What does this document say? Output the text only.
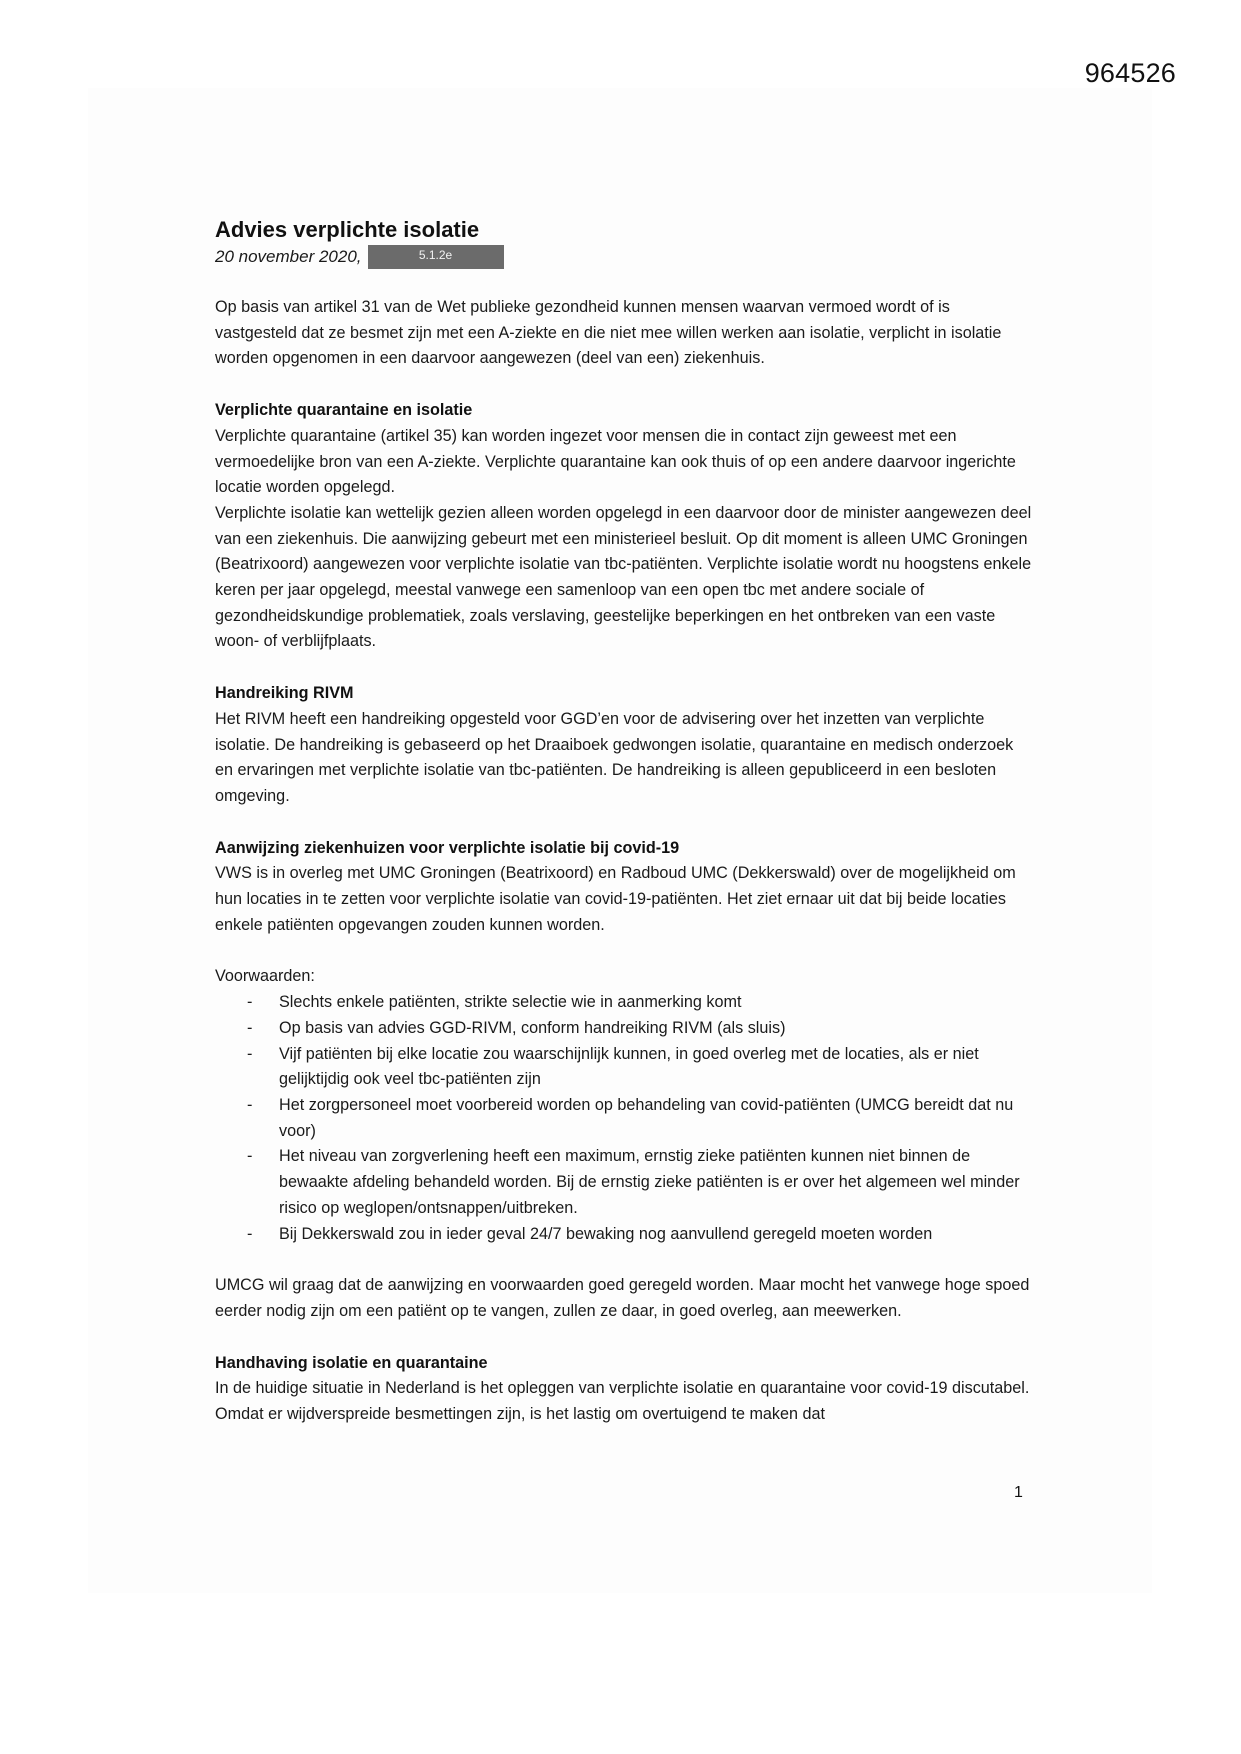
964526
Advies verplichte isolatie
20 november 2020,	5.1.2e

Op basis van artikel 31 van de Wet publieke gezondheid kunnen mensen waarvan vermoed wordt of is vastgesteld dat ze besmet zijn met een A-ziekte en die niet mee willen werken aan isolatie, verplicht in isolatie worden opgenomen in een daarvoor aangewezen (deel van een) ziekenhuis.

Verplichte quarantaine en isolatie

Verplichte quarantaine (artikel 35) kan worden ingezet voor mensen die in contact zijn geweest met een vermoedelijke bron van een A-ziekte. Verplichte quarantaine kan ook thuis of op een andere daarvoor ingerichte locatie worden opgelegd.

Verplichte isolatie kan wettelijk gezien alleen worden opgelegd in een daarvoor door de minister aangewezen deel van een ziekenhuis. Die aanwijzing gebeurt met een ministerieel besluit. Op dit moment is alleen UMC Groningen (Beatrixoord) aangewezen voor verplichte isolatie van tbc-patiënten. Verplichte isolatie wordt nu hoogstens enkele keren per jaar opgelegd, meestal vanwege een samenloop van een open tbc met andere sociale of gezondheidskundige problematiek, zoals verslaving, geestelijke beperkingen en het ontbreken van een vaste woon- of verblijfplaats.

Handreiking RIVM

Het RIVM heeft een handreiking opgesteld voor GGD’en voor de advisering over het inzetten van verplichte isolatie. De handreiking is gebaseerd op het Draaiboek gedwongen isolatie, quarantaine en medisch onderzoek en ervaringen met verplichte isolatie van tbc-patiënten. De handreiking is alleen gepubliceerd in een besloten omgeving.

Aanwijzing ziekenhuizen voor verplichte isolatie bij covid-19

VWS is in overleg met UMC Groningen (Beatrixoord) en Radboud UMC (Dekkerswald) over de mogelijkheid om hun locaties in te zetten voor verplichte isolatie van covid-19-patiënten. Het ziet ernaar uit dat bij beide locaties enkele patiënten opgevangen zouden kunnen worden.

Voorwaarden:

- Slechts enkele patiënten, strikte selectie wie in aanmerking komt
- Op basis van advies GGD-RIVM, conform handreiking RIVM (als sluis)
- Vijf patiënten bij elke locatie zou waarschijnlijk kunnen, in goed overleg met de locaties, als er niet gelijktijdig ook veel tbc-patiënten zijn
- Het zorgpersoneel moet voorbereid worden op behandeling van covid-patiënten (UMCG bereidt dat nu voor)
- Het niveau van zorgverlening heeft een maximum, ernstig zieke patiënten kunnen niet binnen de bewaakte afdeling behandeld worden. Bij de ernstig zieke patiënten is er over het algemeen wel minder risico op weglopen/ontsnappen/uitbreken.
- Bij Dekkerswald zou in ieder geval 24/7 bewaking nog aanvullend geregeld moeten worden

UMCG wil graag dat de aanwijzing en voorwaarden goed geregeld worden. Maar mocht het vanwege hoge spoed eerder nodig zijn om een patiënt op te vangen, zullen ze daar, in goed overleg, aan meewerken.

Handhaving isolatie en quarantaine

In de huidige situatie in Nederland is het opleggen van verplichte isolatie en quarantaine voor covid-19 discutabel. Omdat er wijdverspreide besmettingen zijn, is het lastig om overtuigend te maken dat

1
